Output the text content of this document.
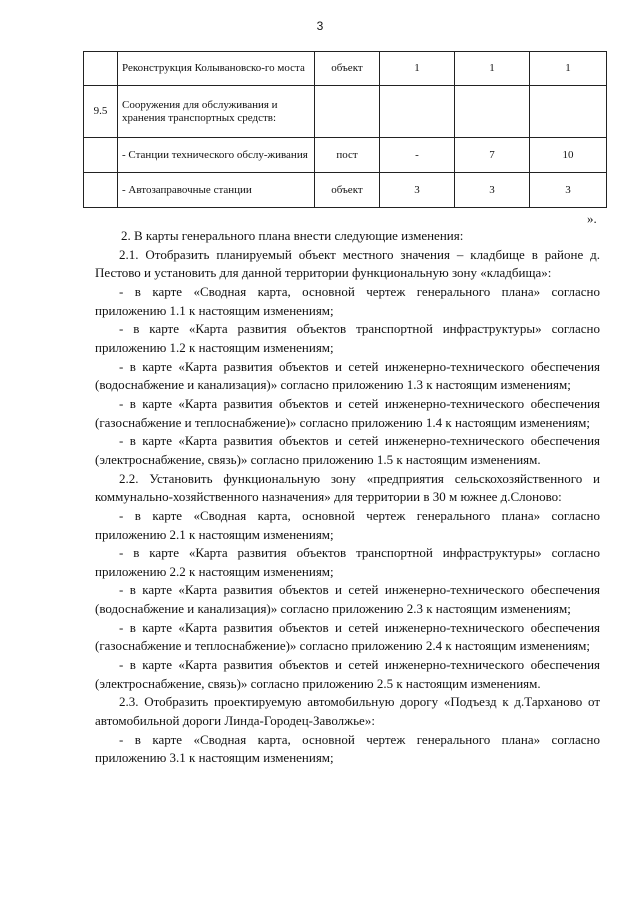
3
	Реконструкция Колывановско-го моста	объект	1	1	1
9.5	Сооружения для обслуживания и хранения транспортных средств:				
	- Станции технического обслу-живания	пост	-	7	10
	- Автозаправочные станции	объект	3	3	3
».

2. В карты генерального плана внести следующие изменения:

2.1. Отобразить планируемый объект местного значения – кладбище в районе д. Пестово и установить для данной территории функциональную зону «кладбища»:

- в карте «Сводная карта, основной чертеж генерального плана» согласно приложению 1.1 к настоящим изменениям;

- в карте «Карта развития объектов транспортной инфраструктуры» согласно приложению 1.2 к настоящим изменениям;

- в карте «Карта развития объектов и сетей инженерно-технического обеспечения (водоснабжение и канализация)» согласно приложению 1.3 к настоящим изменениям;

- в карте «Карта развития объектов и сетей инженерно-технического обеспечения (газоснабжение и теплоснабжение)» согласно приложению 1.4 к настоящим изменениям;

- в карте «Карта развития объектов и сетей инженерно-технического обеспечения (электроснабжение, связь)» согласно приложению 1.5 к настоящим изменениям.

2.2. Установить функциональную зону «предприятия сельскохозяйственного и коммунально-хозяйственного назначения» для территории в 30 м южнее д.Слоново:

- в карте «Сводная карта, основной чертеж генерального плана» согласно приложению 2.1 к настоящим изменениям;

- в карте «Карта развития объектов транспортной инфраструктуры» согласно приложению 2.2 к настоящим изменениям;

- в карте «Карта развития объектов и сетей инженерно-технического обеспечения (водоснабжение и канализация)» согласно приложению 2.3 к настоящим изменениям;

- в карте «Карта развития объектов и сетей инженерно-технического обеспечения (газоснабжение и теплоснабжение)» согласно приложению 2.4 к настоящим изменениям;

- в карте «Карта развития объектов и сетей инженерно-технического обеспечения (электроснабжение, связь)» согласно приложению 2.5 к настоящим изменениям.

2.3. Отобразить проектируемую автомобильную дорогу «Подъезд к д.Тарханово от автомобильной дороги Линда-Городец-Заволжье»:

- в карте «Сводная карта, основной чертеж генерального плана» согласно приложению 3.1 к настоящим изменениям;
